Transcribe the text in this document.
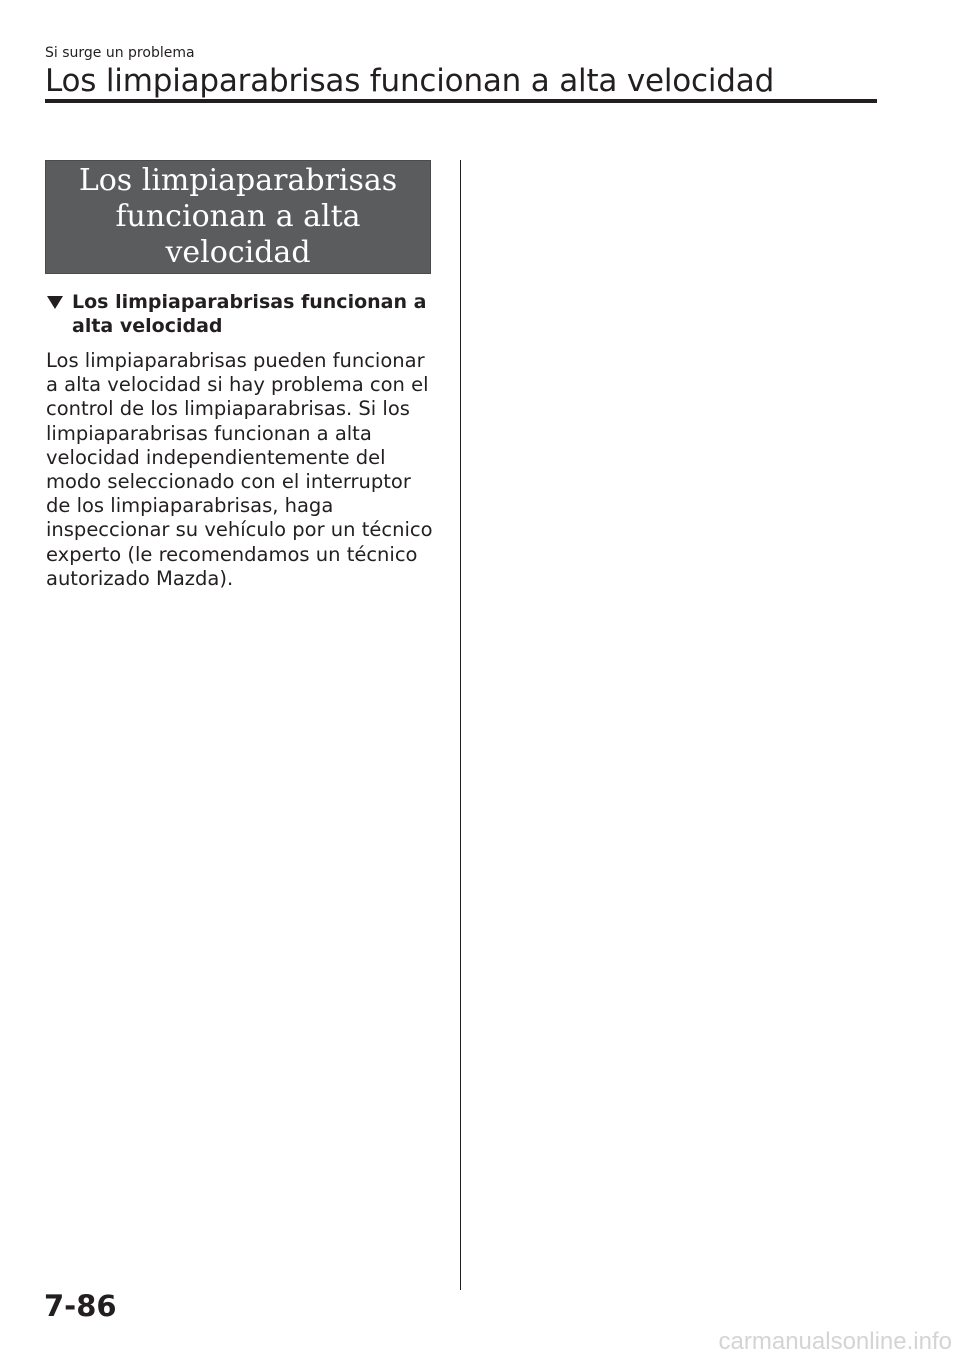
Si surge un problema
Los limpiaparabrisas funcionan a alta velocidad
Los limpiaparabrisas funcionan a alta velocidad
Los limpiaparabrisas funcionan a alta velocidad

Los limpiaparabrisas pueden funcionar a alta velocidad si hay problema con el control de los limpiaparabrisas. Si los limpiaparabrisas funcionan a alta velocidad independientemente del modo seleccionado con el interruptor de los limpiaparabrisas, haga inspeccionar su vehículo por un técnico experto (le recomendamos un técnico autorizado Mazda).

7-86
carmanualsonline.info
